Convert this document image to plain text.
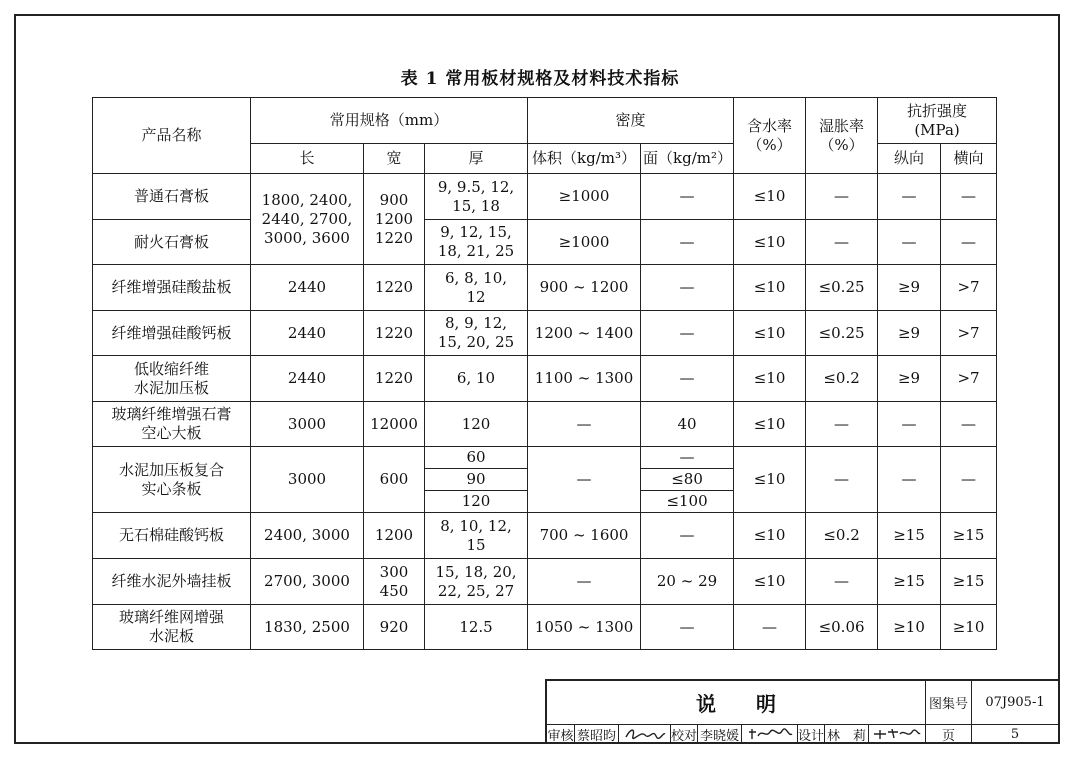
表 1 常用板材规格及材料技术指标
产品名称	常用规格（mm）			密度		含水率
（%）	湿胀率
（%）	抗折强度
(MPa)	

	长	宽	厚	体积（kg/m³）	面（kg/m²）			纵向	横向
普通石膏板	1800, 2400,
2440, 2700,
3000, 3600	900
1200
1220	9, 9.5, 12,
15, 18	≥1000	—	≤10	—	—	—
耐火石膏板			9, 12, 15,
18, 21, 25	≥1000	—	≤10	—	—	—
纤维增强硅酸盐板	2440	1220	6, 8, 10,
12	900 ~ 1200	—	≤10	≤0.25	≥9	>7
纤维增强硅酸钙板	2440	1220	8, 9, 12,
15, 20, 25	1200 ~ 1400	—	≤10	≤0.25	≥9	>7
低收缩纤维
水泥加压板	2440	1220	6, 10	1100 ~ 1300	—	≤10	≤0.2	≥9	>7
玻璃纤维增强石膏
空心大板	3000	12000	120	—	40	≤10	—	—	—
水泥加压板复合
实心条板	3000	600	60	—	—	≤10	—	—	—
			90		≤80				
			120		≤100				
无石棉硅酸钙板	2400, 3000	1200	8, 10, 12,
15	700 ~ 1600	—	≤10	≤0.2	≥15	≥15
纤维水泥外墙挂板	2700, 3000	300
450	15, 18, 20,
22, 25, 27	—	20 ~ 29	≤10	—	≥15	≥15
玻璃纤维网增强
水泥板	1830, 2500	920	12.5	1050 ~ 1300	—	—	≤0.06	≥10	≥10
说　　明	图集号	07J905-1
审核 蔡昭昀	校对 李晓媛	设计 林　莉	页	5
